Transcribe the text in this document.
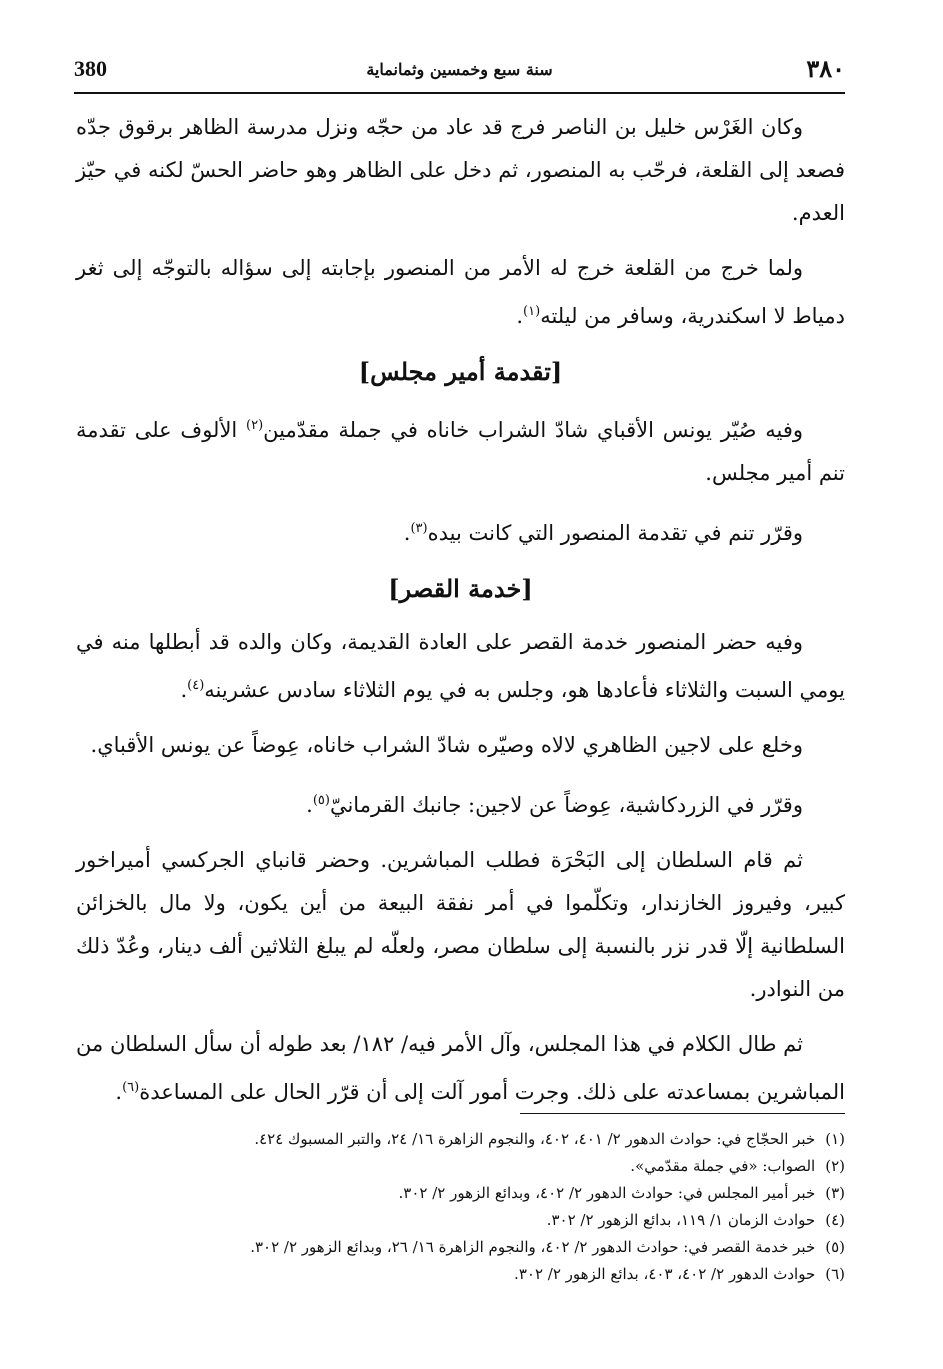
380	سنة سبع وخمسين وثمانماية	٣٨٠

وكان الغَرْس خليل بن الناصر فرج قد عاد من حجّه ونزل مدرسة الظاهر برقوق جدّه فصعد إلى القلعة، فرحّب به المنصور، ثم دخل على الظاهر وهو حاضر الحسّ لكنه في حيّز العدم.

ولما خرج من القلعة خرج له الأمر من المنصور بإجابته إلى سؤاله بالتوجّه إلى ثغر دمياط لا اسكندرية، وسافر من ليلته$^{(١)}$.

[تقدمة أمير مجلس]

وفيه صُيّر يونس الأقباي شادّ الشراب خاناه في جملة مقدّمين$^{(٢)}$ الألوف على تقدمة تنم أمير مجلس.

وقرّر تنم في تقدمة المنصور التي كانت بيده$^{(٣)}$.

[خدمة القصر]

وفيه حضر المنصور خدمة القصر على العادة القديمة، وكان والده قد أبطلها منه في يومي السبت والثلاثاء فأعادها هو، وجلس به في يوم الثلاثاء سادس عشرينه$^{(٤)}$.

وخلع على لاجين الظاهري لالاه وصيّره شادّ الشراب خاناه، عِوضاً عن يونس الأقباي.

وقرّر في الزردكاشية، عِوضاً عن لاجين: جانبك القرمانيّ$^{(٥)}$.

ثم قام السلطان إلى البَحْرَة فطلب المباشرين. وحضر قانباي الجركسي أميراخور كبير، وفيروز الخازندار، وتكلّموا في أمر نفقة البيعة من أين يكون، ولا مال بالخزائن السلطانية إلّا قدر نزر بالنسبة إلى سلطان مصر، ولعلّه لم يبلغ الثلاثين ألف دينار، وعُدّ ذلك من النوادر.

ثم طال الكلام في هذا المجلس، وآل الأمر فيه/ ١٨٢/ بعد طوله أن سأل السلطان من المباشرين بمساعدته على ذلك. وجرت أمور آلت إلى أن قرّر الحال على المساعدة$^{(٦)}$.

(١)
خبر الحجّاج في: حوادث الدهور ٢/ ٤٠١، ٤٠٢، والنجوم الزاهرة ١٦/ ٢٤، والتبر المسبوك ٤٢٤.
(٢)
الصواب: «في جملة مقدّمي».
(٣)
خبر أمير المجلس في: حوادث الدهور ٢/ ٤٠٢، وبدائع الزهور ٢/ ٣٠٢.
(٤)
حوادث الزمان ١/ ١١٩، بدائع الزهور ٢/ ٣٠٢.
(٥)
خبر خدمة القصر في: حوادث الدهور ٢/ ٤٠٢، والنجوم الزاهرة ١٦/ ٢٦، وبدائع الزهور ٢/ ٣٠٢.
(٦)
حوادث الدهور ٢/ ٤٠٢، ٤٠٣، بدائع الزهور ٢/ ٣٠٢.
